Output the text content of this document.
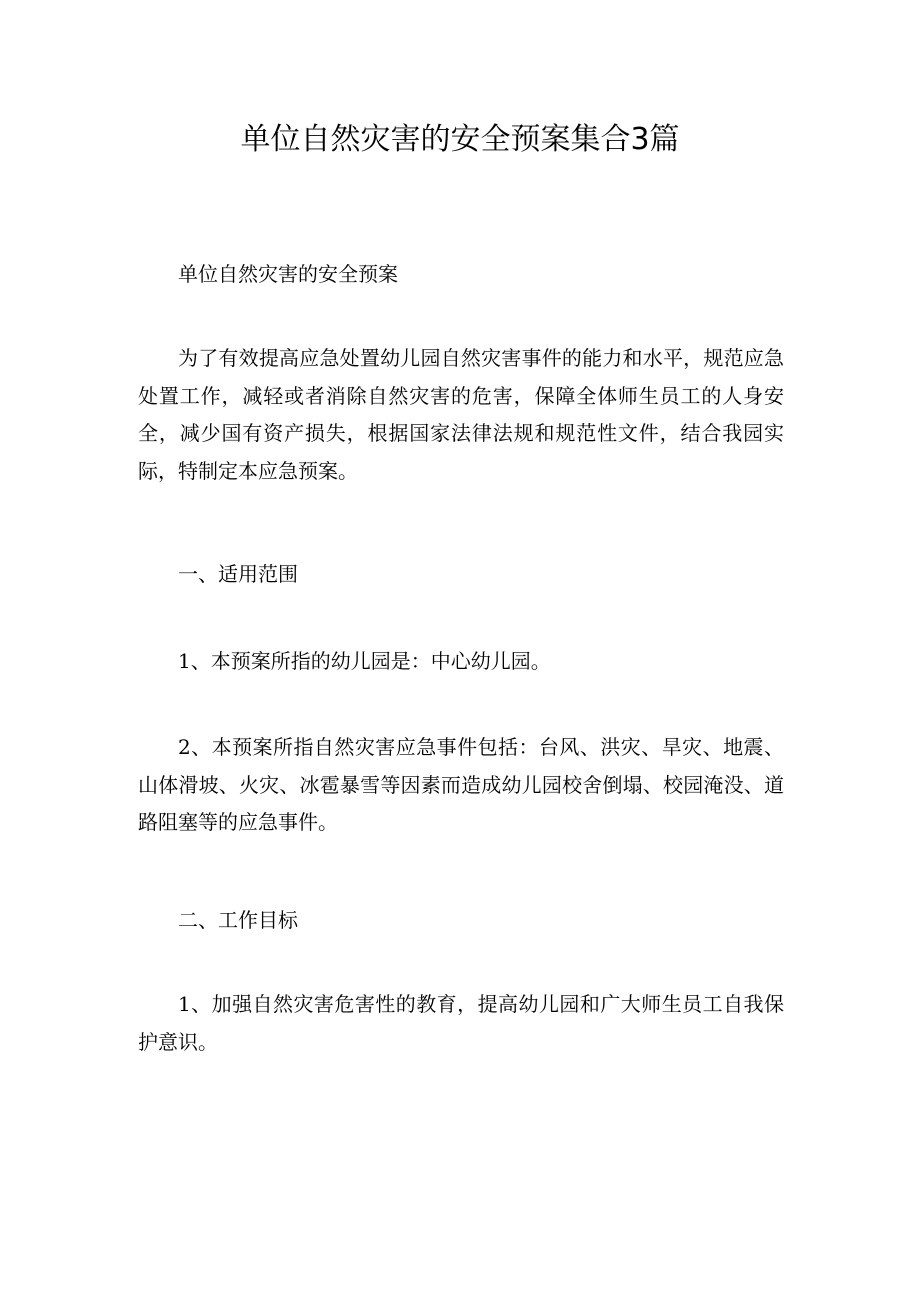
单位自然灾害的安全预案集合3篇

单位自然灾害的安全预案

为了有效提高应急处置幼儿园自然灾害事件的能力和水平，规范应急处置工作，减轻或者消除自然灾害的危害，保障全体师生员工的人身安全，减少国有资产损失，根据国家法律法规和规范性文件，结合我园实际，特制定本应急预案。

一、适用范围

1、本预案所指的幼儿园是：中心幼儿园。

2、本预案所指自然灾害应急事件包括：台风、洪灾、旱灾、地震、山体滑坡、火灾、冰雹暴雪等因素而造成幼儿园校舍倒塌、校园淹没、道路阻塞等的应急事件。

二、工作目标

1、加强自然灾害危害性的教育，提高幼儿园和广大师生员工自我保护意识。
